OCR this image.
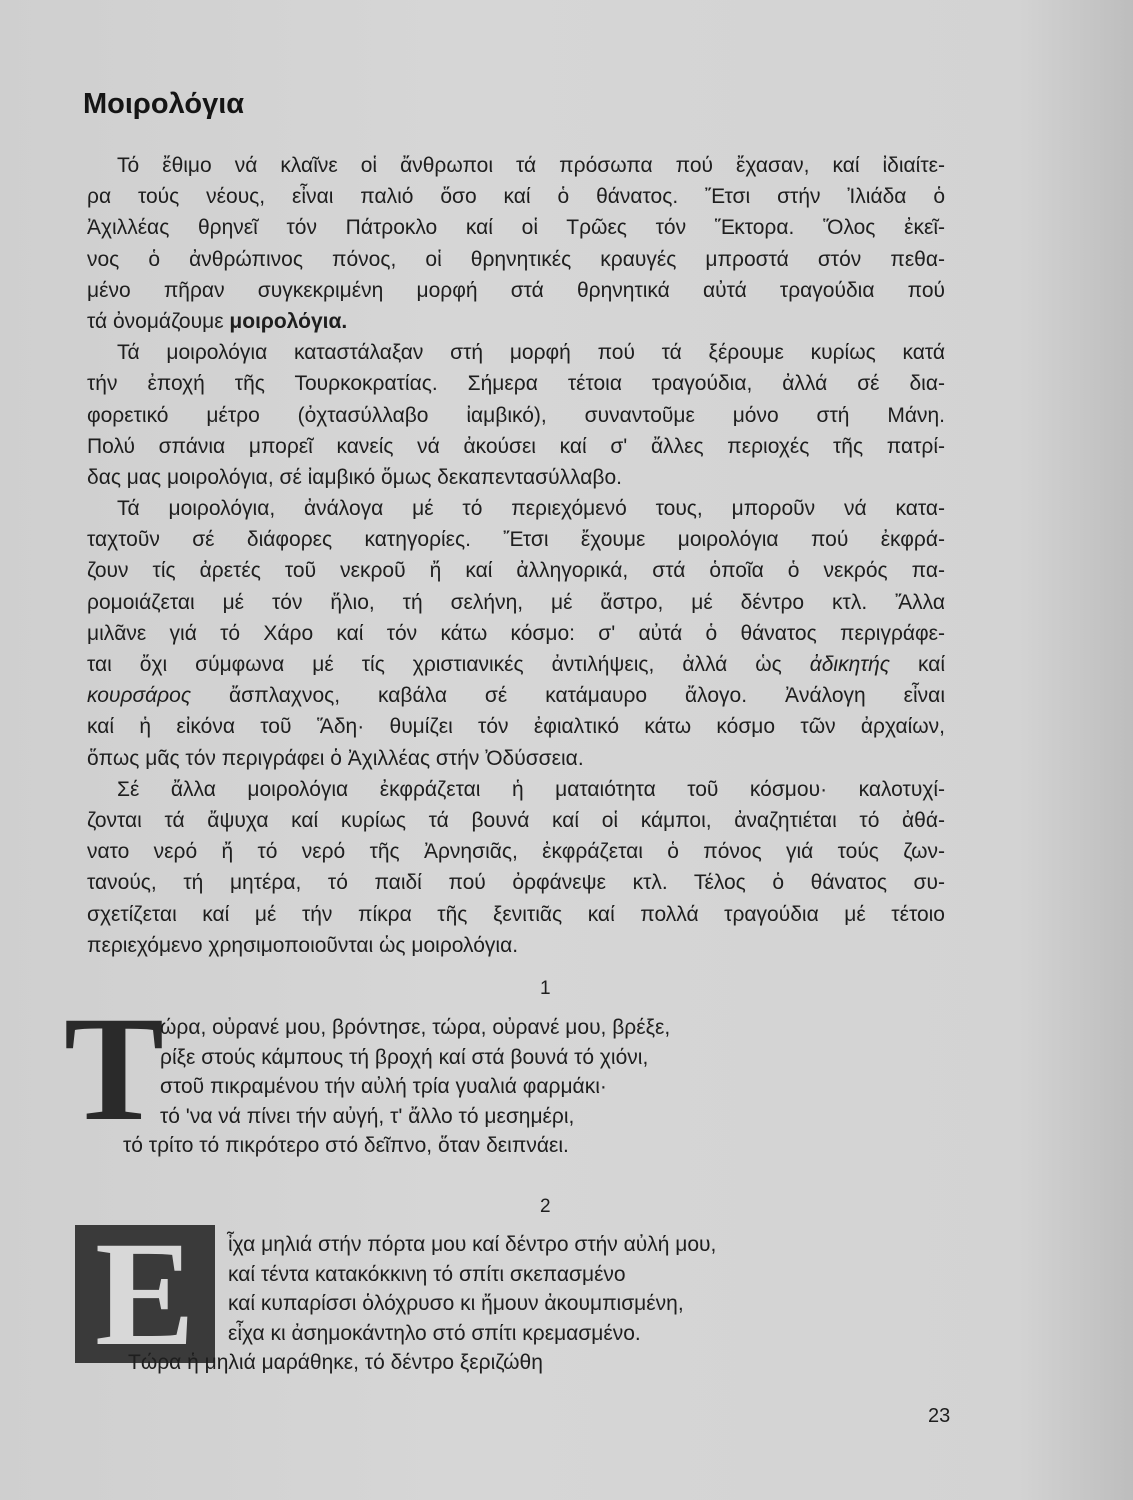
Μοιρολόγια
Τό ἔθιμο νά κλαῖνε οἱ ἄνθρωποι τά πρόσωπα πού ἔχασαν, καί ἰδιαίτε-
ρα τούς νέους, εἶναι παλιό ὅσο καί ὁ θάνατος. Ἔτσι στήν Ἰλιάδα ὁ
Ἀχιλλέας θρηνεῖ τόν Πάτροκλο καί οἱ Τρῶες τόν Ἕκτορα. Ὅλος ἐκεῖ-
νος ὁ ἀνθρώπινος πόνος, οἱ θρηνητικές κραυγές μπροστά στόν πεθα-
μένο πῆραν συγκεκριμένη μορφή στά θρηνητικά αὐτά τραγούδια πού
τά ὀνομάζουμε μοιρολόγια.
Τά μοιρολόγια καταστάλαξαν στή μορφή πού τά ξέρουμε κυρίως κατά
τήν ἐποχή τῆς Τουρκοκρατίας. Σήμερα τέτοια τραγούδια, ἀλλά σέ δια-
φορετικό μέτρο (ὀχτασύλλαβο ἰαμβικό), συναντοῦμε μόνο στή Μάνη.
Πολύ σπάνια μπορεῖ κανείς νά ἀκούσει καί σ' ἄλλες περιοχές τῆς πατρί-
δας μας μοιρολόγια, σέ ἰαμβικό ὅμως δεκαπεντασύλλαβο.
Τά μοιρολόγια, ἀνάλογα μέ τό περιεχόμενό τους, μποροῦν νά κατα-
ταχτοῦν σέ διάφορες κατηγορίες. Ἔτσι ἔχουμε μοιρολόγια πού ἐκφρά-
ζουν τίς ἀρετές τοῦ νεκροῦ ἤ καί ἀλληγορικά, στά ὁποῖα ὁ νεκρός πα-
ρομοιάζεται μέ τόν ἥλιο, τή σελήνη, μέ ἄστρο, μέ δέντρο κτλ. Ἄλλα
μιλᾶνε γιά τό Χάρο καί τόν κάτω κόσμο: σ' αὐτά ὁ θάνατος περιγράφε-
ται ὄχι σύμφωνα μέ τίς χριστιανικές ἀντιλήψεις, ἀλλά ὡς ἀδικητής καί
κουρσάρος ἄσπλαχνος, καβάλα σέ κατάμαυρο ἄλογο. Ἀνάλογη εἶναι
καί ἡ εἰκόνα τοῦ Ἅδη· θυμίζει τόν ἐφιαλτικό κάτω κόσμο τῶν ἀρχαίων,
ὅπως μᾶς τόν περιγράφει ὁ Ἀχιλλέας στήν Ὀδύσσεια.
Σέ ἄλλα μοιρολόγια ἐκφράζεται ἡ ματαιότητα τοῦ κόσμου· καλοτυχί-
ζονται τά ἄψυχα καί κυρίως τά βουνά καί οἱ κάμποι, ἀναζητιέται τό ἀθά-
νατο νερό ἤ τό νερό τῆς Ἀρνησιᾶς, ἐκφράζεται ὁ πόνος γιά τούς ζων-
τανούς, τή μητέρα, τό παιδί πού ὀρφάνεψε κτλ. Τέλος ὁ θάνατος συ-
σχετίζεται καί μέ τήν πίκρα τῆς ξενιτιᾶς καί πολλά τραγούδια μέ τέτοιο
περιεχόμενο χρησιμοποιοῦνται ὡς μοιρολόγια.
1
Τ
ώρα, οὐρανέ μου, βρόντησε, τώρα, οὐρανέ μου, βρέξε,
ρίξε στούς κάμπους τή βροχή καί στά βουνά τό χιόνι,
στοῦ πικραμένου τήν αὐλή τρία γυαλιά φαρμάκι·
τό 'να νά πίνει τήν αὐγή, τ' ἄλλο τό μεσημέρι,
τό τρίτο τό πικρότερο στό δεῖπνο, ὅταν δειπνάει.
2
Ε ἶχα μηλιά στήν πόρτα μου καί δέντρο στήν αὐλή μου,
καί τέντα κατακόκκινη τό σπίτι σκεπασμένο
καί κυπαρίσσι ὁλόχρυσο κι ἤμουν ἀκουμπισμένη,
εἶχα κι ἀσημοκάντηλο στό σπίτι κρεμασμένο.
Τώρα ἡ μηλιά μαράθηκε, τό δέντρο ξεριζώθη
23
